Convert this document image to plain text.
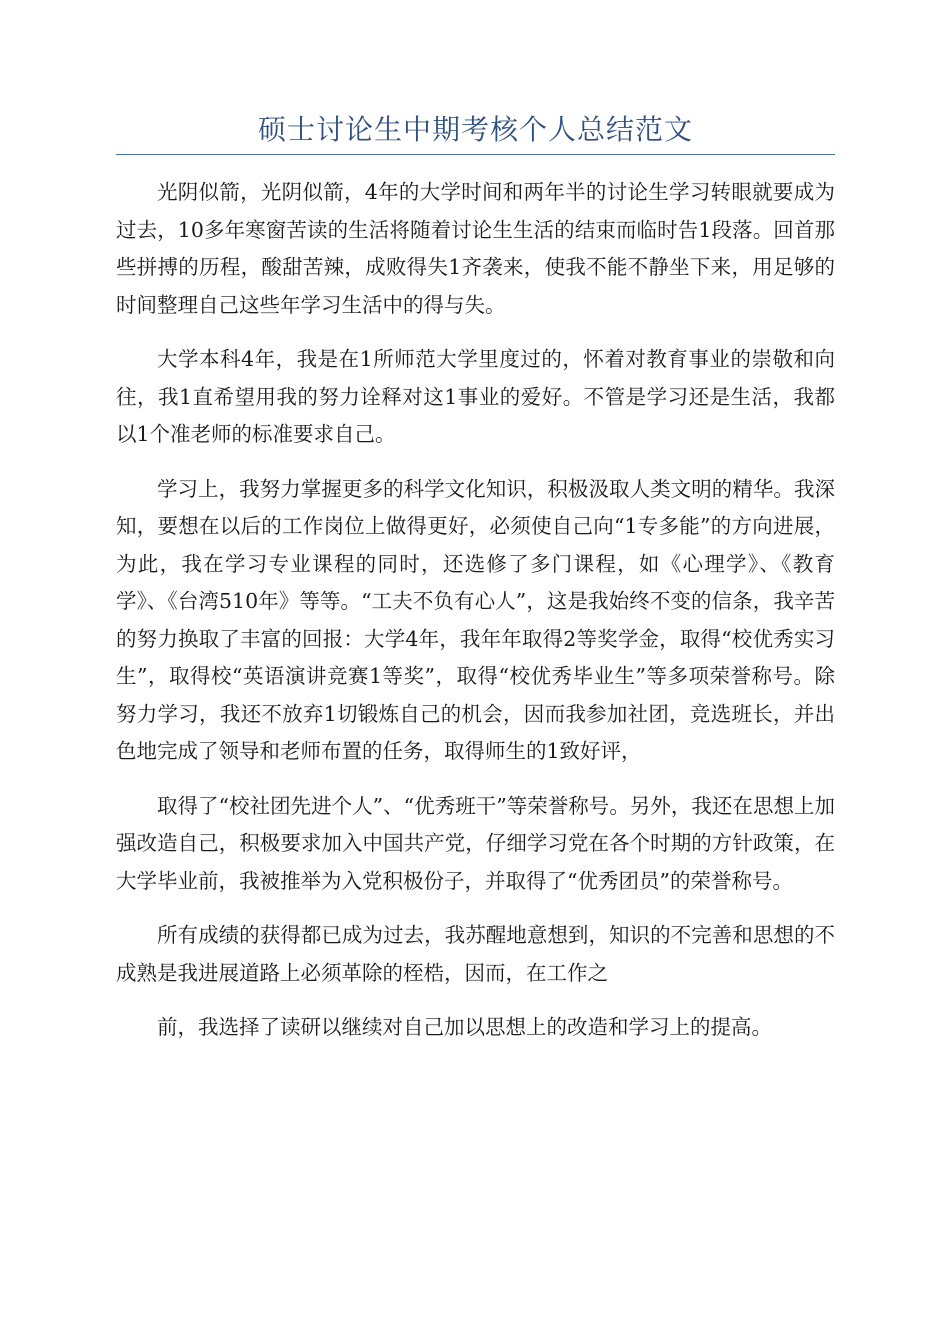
硕士讨论生中期考核个人总结范文

光阴似箭，光阴似箭，4年的大学时间和两年半的讨论生学习转眼就要成为过去，10多年寒窗苦读的生活将随着讨论生生活的结束而临时告1段落。回首那些拼搏的历程，酸甜苦辣，成败得失1齐袭来，使我不能不静坐下来，用足够的时间整理自己这些年学习生活中的得与失。

大学本科4年，我是在1所师范大学里度过的，怀着对教育事业的崇敬和向往，我1直希望用我的努力诠释对这1事业的爱好。不管是学习还是生活，我都以1个准老师的标准要求自己。

学习上，我努力掌握更多的科学文化知识，积极汲取人类文明的精华。我深知，要想在以后的工作岗位上做得更好，必须使自己向“1专多能”的方向进展，为此，我在学习专业课程的同时，还选修了多门课程，如《心理学》、《教育学》、《台湾510年》等等。“工夫不负有心人”，这是我始终不变的信条，我辛苦的努力换取了丰富的回报：大学4年，我年年取得2等奖学金，取得“校优秀实习生”，取得校“英语演讲竞赛1等奖”，取得“校优秀毕业生”等多项荣誉称号。除努力学习，我还不放弃1切锻炼自己的机会，因而我参加社团，竞选班长，并出色地完成了领导和老师布置的任务，取得师生的1致好评，

取得了“校社团先进个人”、“优秀班干”等荣誉称号。另外，我还在思想上加强改造自己，积极要求加入中国共产党，仔细学习党在各个时期的方针政策，在大学毕业前，我被推举为入党积极份子，并取得了“优秀团员”的荣誉称号。

所有成绩的获得都已成为过去，我苏醒地意想到，知识的不完善和思想的不成熟是我进展道路上必须革除的桎梏，因而，在工作之

前，我选择了读研以继续对自己加以思想上的改造和学习上的提高。
